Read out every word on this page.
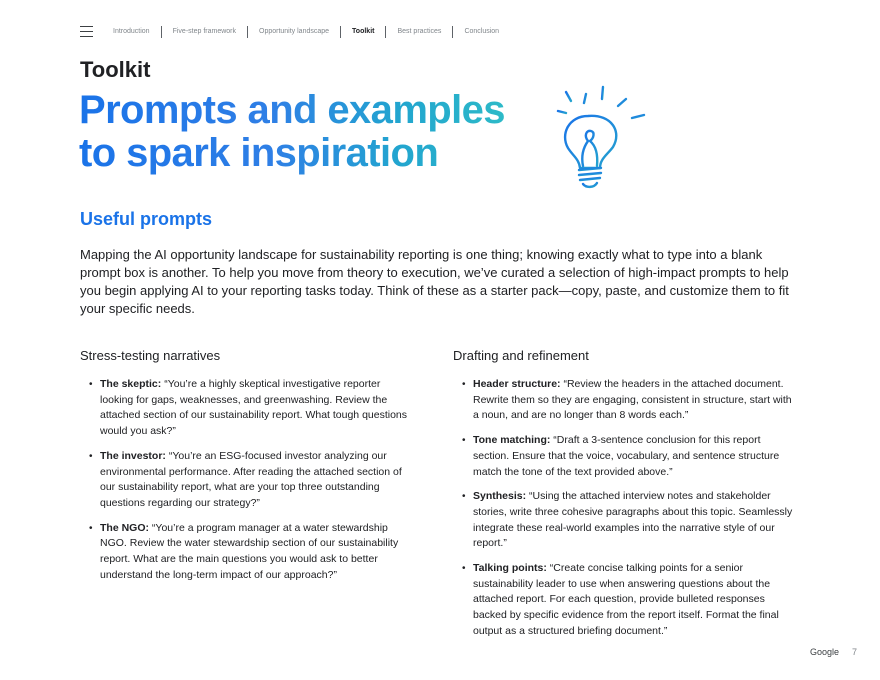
Introduction	Five-step framework	Opportunity landscape	Toolkit	Best practices	Conclusion
Toolkit
Prompts and examples
to spark inspiration
Useful prompts

Mapping the AI opportunity landscape for sustainability reporting is one thing; knowing exactly what to type into a blank prompt box is another. To help you move from theory to execution, we’ve curated a selection of high-impact prompts to help you begin applying AI to your reporting tasks today. Think of these as a starter pack—copy, paste, and customize them to fit your specific needs.

Stress-testing narratives
• The skeptic: “You’re a highly skeptical investigative reporter looking for gaps, weaknesses, and greenwashing. Review the attached section of our sustainability report. What tough questions would you ask?”
• The investor: “You’re an ESG-focused investor analyzing our environmental performance. After reading the attached section of our sustainability report, what are your top three outstanding questions regarding our strategy?”
• The NGO: “You’re a program manager at a water stewardship NGO. Review the water stewardship section of our sustainability report. What are the main questions you would ask to better understand the long-term impact of our approach?”
Drafting and refinement
• Header structure: “Review the headers in the attached document. Rewrite them so they are engaging, consistent in structure, start with a noun, and are no longer than 8 words each.”
• Tone matching: “Draft a 3-sentence conclusion for this report section. Ensure that the voice, vocabulary, and sentence structure match the tone of the text provided above.”
• Synthesis: “Using the attached interview notes and stakeholder stories, write three cohesive paragraphs about this topic. Seamlessly integrate these real-world examples into the narrative style of our report.”
• Talking points: “Create concise talking points for a senior sustainability leader to use when answering questions about the attached report. For each question, provide bulleted responses backed by specific evidence from the report itself. Format the final output as a structured briefing document.”
Google 7
